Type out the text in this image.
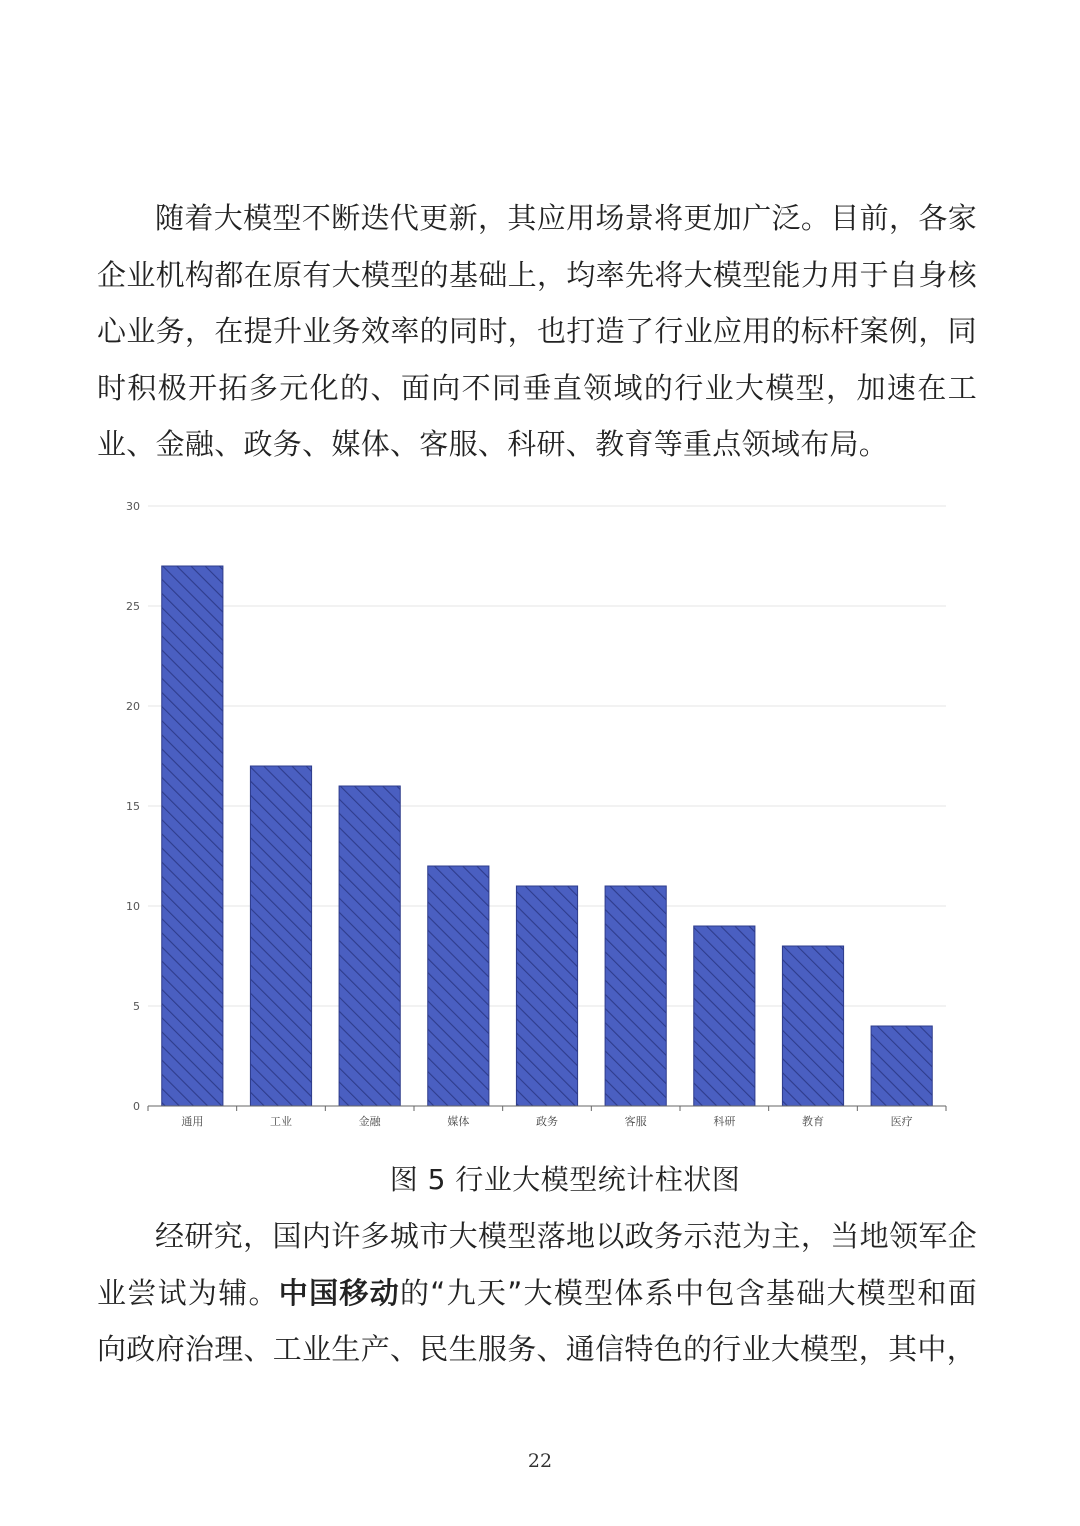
随着大模型不断迭代更新，其应用场景将更加广泛。目前，各家企业机构都在原有大模型的基础上，均率先将大模型能力用于自身核心业务，在提升业务效率的同时，也打造了行业应用的标杆案例，同时积极开拓多元化的、面向不同垂直领域的行业大模型，加速在工业、金融、政务、媒体、客服、科研、教育等重点领域布局。
0
5
10
15
20
25
30
通用	工业	金融	媒体	政务	客服	科研	教育	医疗
图 5 行业大模型统计柱状图
经研究，国内许多城市大模型落地以政务示范为主，当地领军企业尝试为辅。中国移动的“九天”大模型体系中包含基础大模型和面向政府治理、工业生产、民生服务、通信特色的行业大模型，其中，
22
